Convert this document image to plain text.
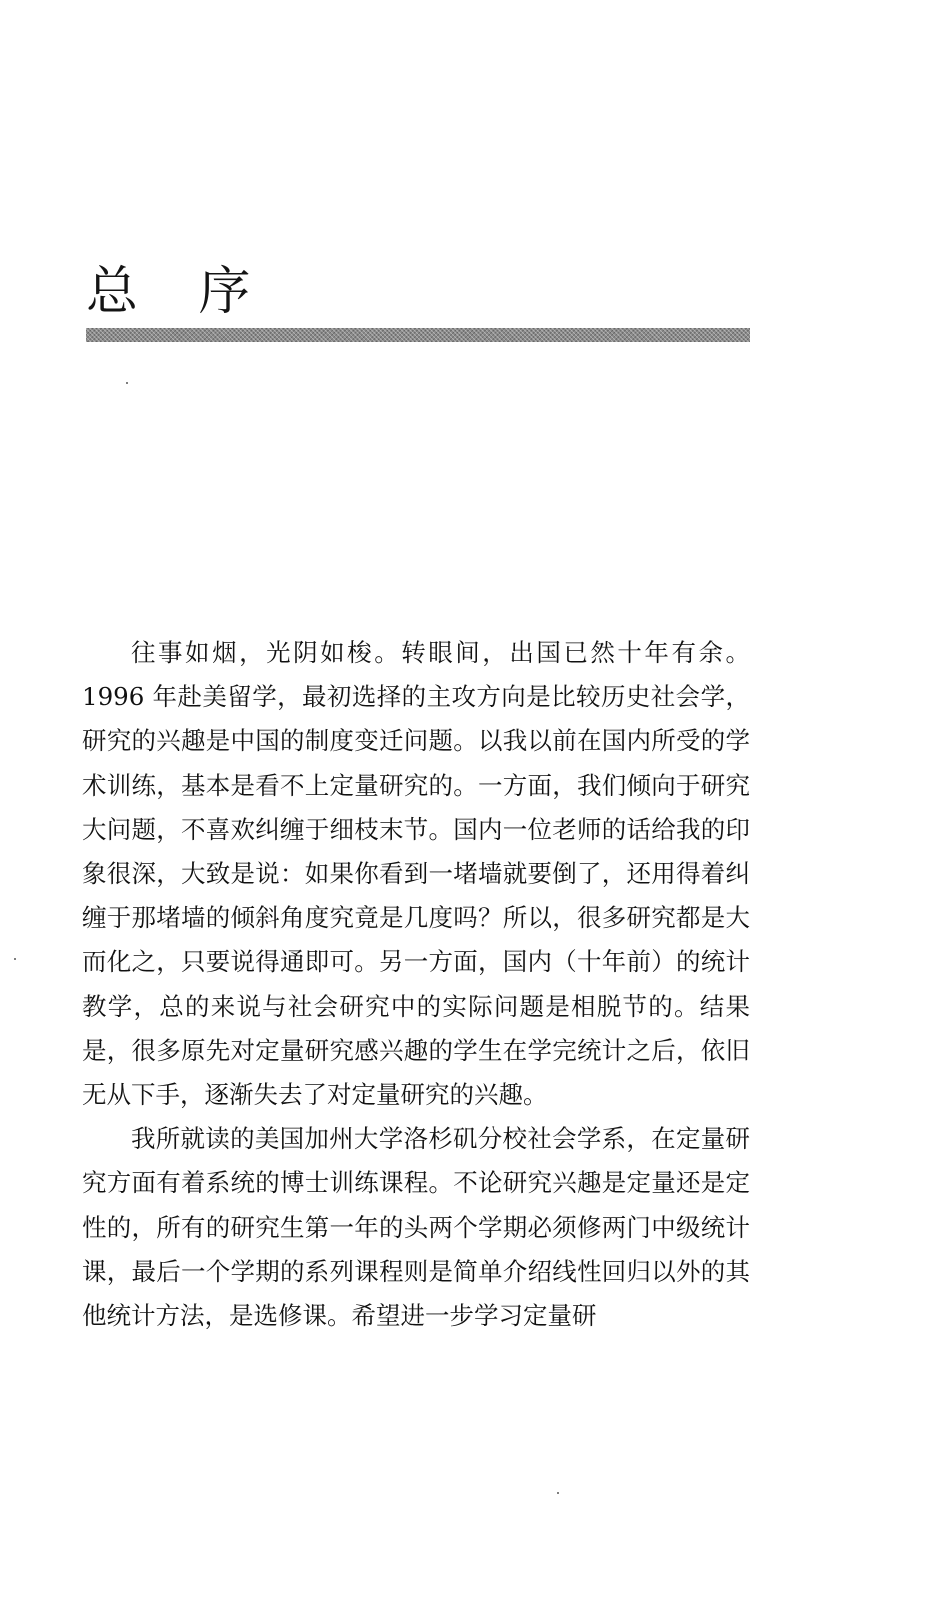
总 序

往事如烟，光阴如梭。转眼间，出国已然十年有余。1996 年赴美留学，最初选择的主攻方向是比较历史社会学，研究的兴趣是中国的制度变迁问题。以我以前在国内所受的学术训练，基本是看不上定量研究的。一方面，我们倾向于研究大问题，不喜欢纠缠于细枝末节。国内一位老师的话给我的印象很深，大致是说：如果你看到一堵墙就要倒了，还用得着纠缠于那堵墙的倾斜角度究竟是几度吗？所以，很多研究都是大而化之，只要说得通即可。另一方面，国内（十年前）的统计教学，总的来说与社会研究中的实际问题是相脱节的。结果是，很多原先对定量研究感兴趣的学生在学完统计之后，依旧无从下手，逐渐失去了对定量研究的兴趣。

我所就读的美国加州大学洛杉矶分校社会学系，在定量研究方面有着系统的博士训练课程。不论研究兴趣是定量还是定性的，所有的研究生第一年的头两个学期必须修两门中级统计课，最后一个学期的系列课程则是简单介绍线性回归以外的其他统计方法，是选修课。希望进一步学习定量研
